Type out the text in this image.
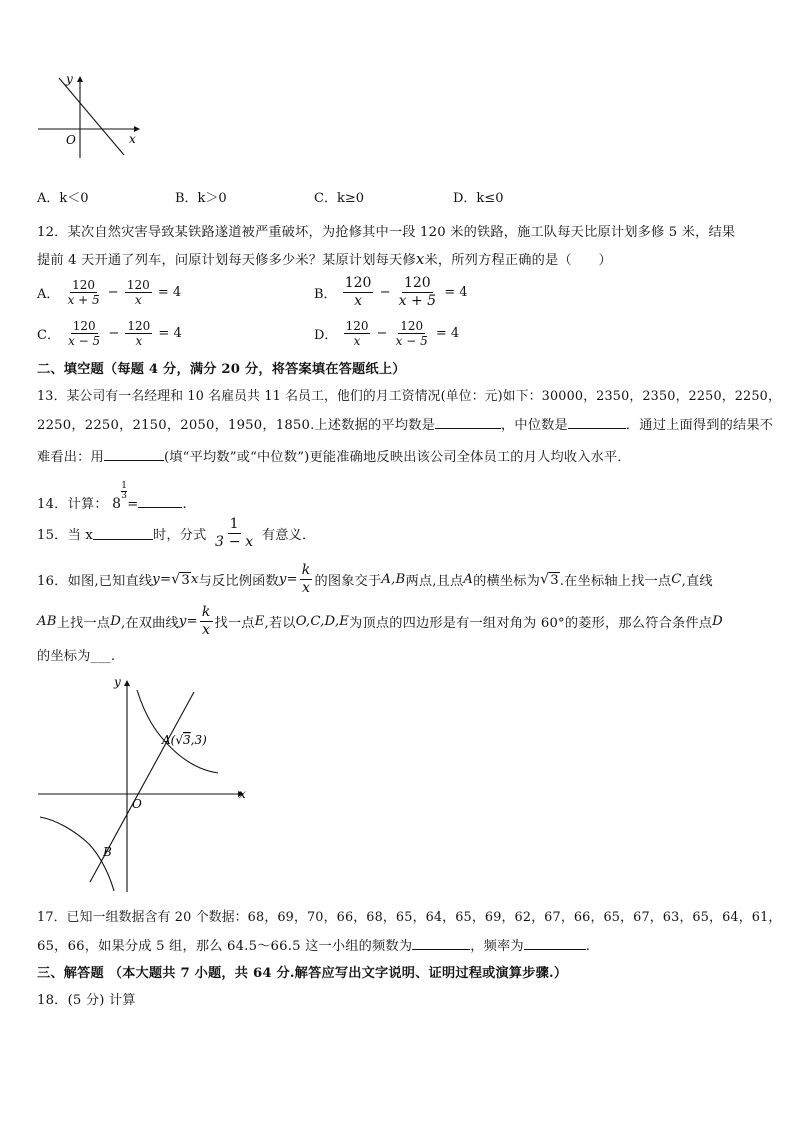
y
x
O
A．k＜0	B．k＞0	C．k≥0	D．k≤0
12．某次自然灾害导致某铁路遂道被严重破坏，为抢修其中一段 120 米的铁路，施工队每天比原计划多修 5 米，结果
提前 4 天开通了列车，问原计划每天修多少米？某原计划每天修x米，所列方程正确的是（　　）
A． $\frac{120}{x + 5} - \frac{120}{x} = 4$	B． $\frac{120}{x} - \frac{120}{x + 5} = 4$
C． $\frac{120}{x - 5} - \frac{120}{x} = 4$	D． $\frac{120}{x} - \frac{120}{x - 5} = 4$
二、填空题（每题 4 分，满分 20 分，将答案填在答题纸上）
13．某公司有一名经理和 10 名雇员共 11 名员工，他们的月工资情况(单位：元)如下：30000，2350，2350，2250，2250，
2250，2250，2150，2050，1950，1850.上述数据的平均数是	，中位数是	．通过上面得到的结果不
难看出：用	(填“平均数”或“中位数”)更能准确地反映出该公司全体员工的月人均收入水平．
14．计算： 8
$\frac{1}{3}$
=	.
15．当 x	时，分式 $\frac{1}{3 - x}$ 有意义．
16．如图,已知直线y=√3x与反比例函数$y= \frac{k}{x}$ 的图象交于A,B两点,且点A的横坐标为√3.在坐标轴上找一点C,直线
AB上找一点D,在双曲线$y= \frac{k}{x}$ 找一点E,若以O,C,D,E为顶点的四边形是有一组对角为 60°的菱形，那么符合条件点D
的坐标为___.
y
x
O
A(√3,3)
B
17．已知一组数据含有 20 个数据：68，69，70，66，68，65，64，65，69，62，67，66，65，67，63，65，64，61，
65，66，如果分成 5 组，那么 64.5～66.5 这一小组的频数为	，频率为	.
三、解答题 （本大题共 7 小题，共 64 分.解答应写出文字说明、证明过程或演算步骤.）
18．(5 分) 计算
